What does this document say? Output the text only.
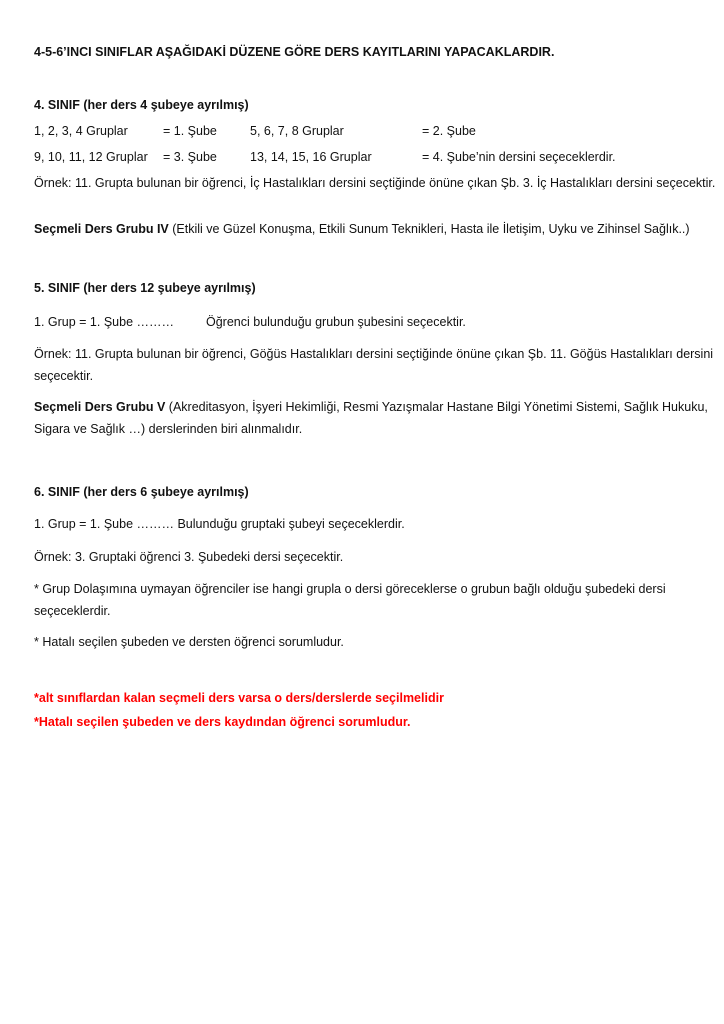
4-5-6’INCI SINIFLAR AŞAĞIDAKİ DÜZENE GÖRE DERS KAYITLARINI YAPACAKLARDIR.
4. SINIF (her ders 4 şubeye ayrılmış)
1, 2, 3, 4 Gruplar	= 1. Şube	5, 6, 7, 8 Gruplar	= 2. Şube
9, 10, 11, 12 Gruplar = 3. Şube	13, 14, 15, 16 Gruplar	= 4. Şube’nin dersini seçeceklerdir.
Örnek: 11. Grupta bulunan bir öğrenci, İç Hastalıkları dersini seçtiğinde önüne çıkan Şb. 3. İç Hastalıkları dersini seçecektir.
Seçmeli Ders Grubu IV (Etkili ve Güzel Konuşma, Etkili Sunum Teknikleri, Hasta ile İletişim, Uyku ve Zihinsel Sağlık..)
5. SINIF (her ders 12 şubeye ayrılmış)
1. Grup = 1. Şube ………	Öğrenci bulunduğu grubun şubesini seçecektir.
Örnek: 11. Grupta bulunan bir öğrenci, Göğüs Hastalıkları dersini seçtiğinde önüne çıkan Şb. 11. Göğüs Hastalıkları dersini seçecektir.
Seçmeli Ders Grubu V (Akreditasyon, İşyeri Hekimliği, Resmi Yazışmalar Hastane Bilgi Yönetimi Sistemi, Sağlık Hukuku, Sigara ve Sağlık …) derslerinden biri alınmalıdır.
6. SINIF (her ders 6 şubeye ayrılmış)
1. Grup = 1. Şube ……… Bulunduğu gruptaki şubeyi seçeceklerdir.
Örnek: 3. Gruptaki öğrenci 3. Şubedeki dersi seçecektir.
* Grup Dolaşımına uymayan öğrenciler ise hangi grupla o dersi göreceklerse o grubun bağlı olduğu şubedeki dersi seçeceklerdir.
* Hatalı seçilen şubeden ve dersten öğrenci sorumludur.
*alt sınıflardan kalan seçmeli ders varsa o ders/derslerde seçilmelidir
*Hatalı seçilen şubeden ve ders kaydından öğrenci sorumludur.
